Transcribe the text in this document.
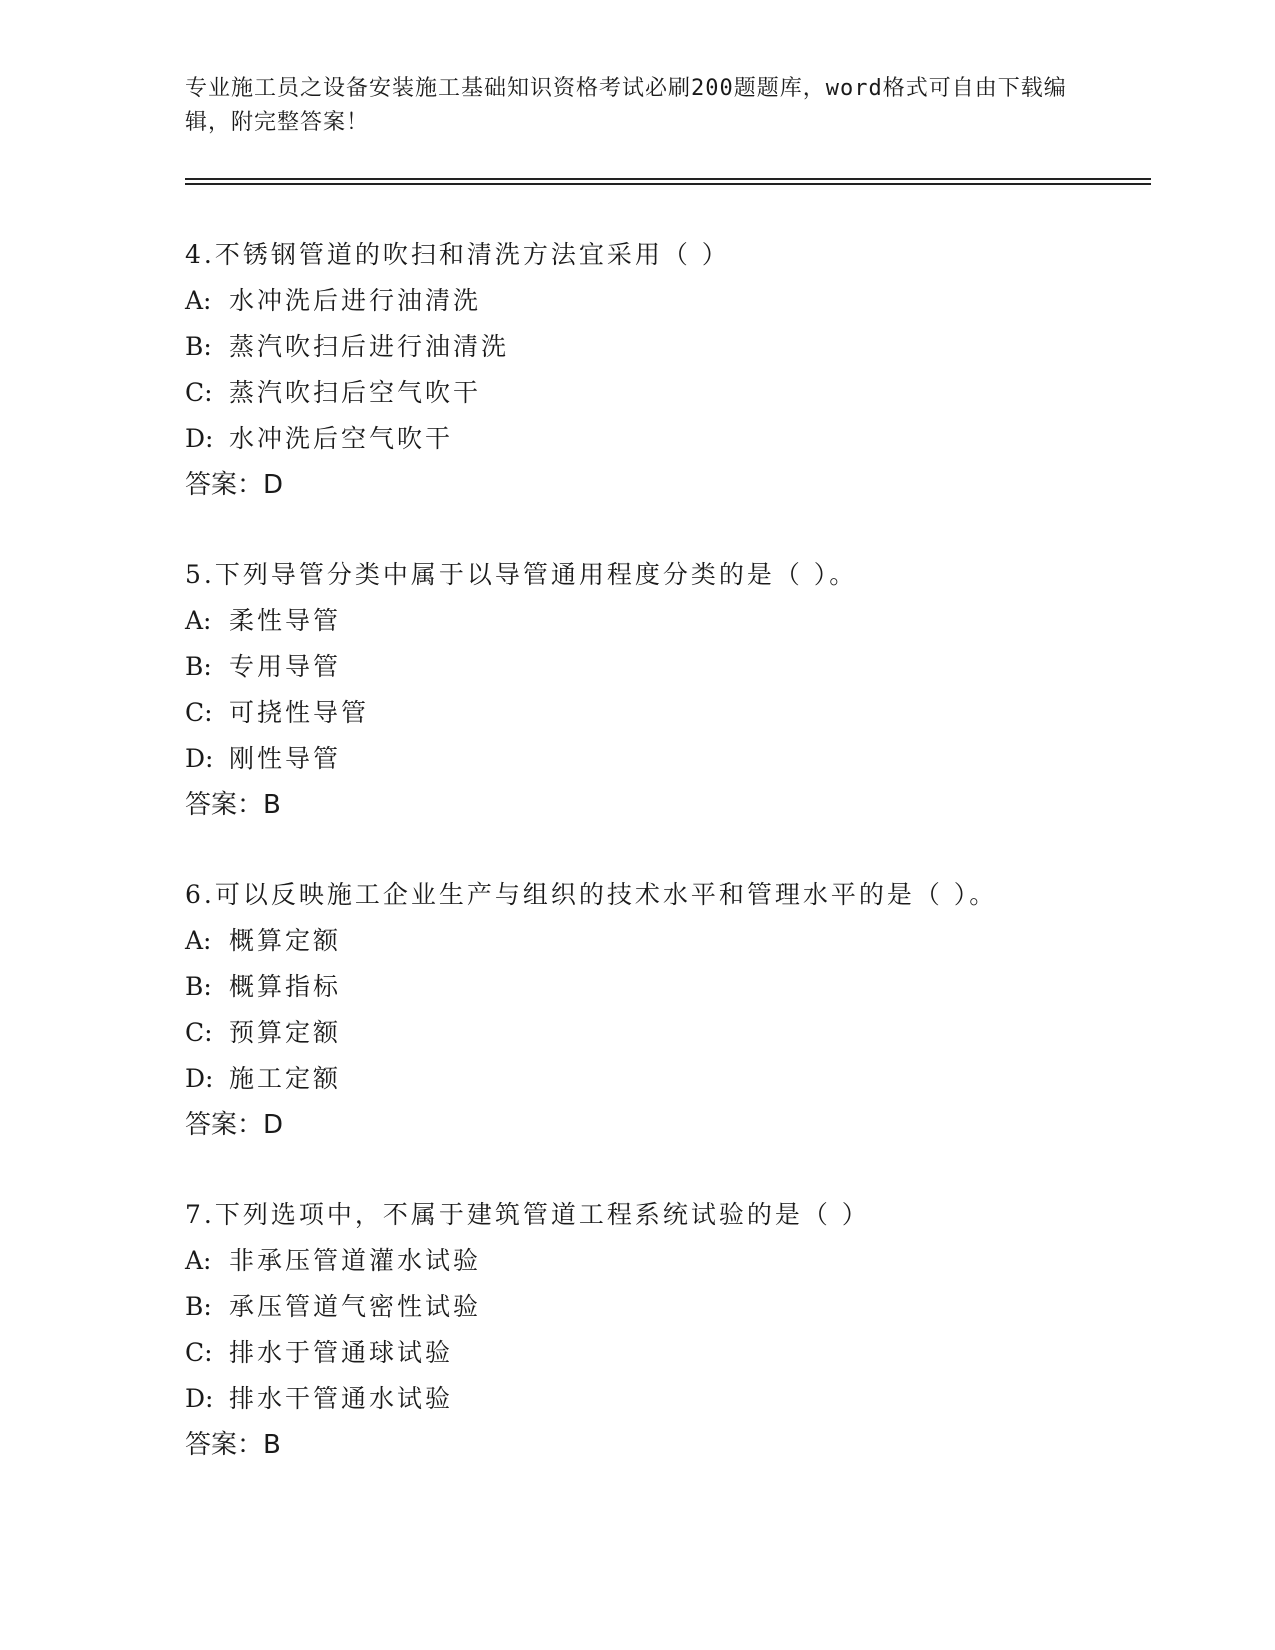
专业施工员之设备安装施工基础知识资格考试必刷200题题库，word格式可自由下载编辑，附完整答案！
4.不锈钢管道的吹扫和清洗方法宜采用（ ）
A: 水冲洗后进行油清洗
B: 蒸汽吹扫后进行油清洗
C: 蒸汽吹扫后空气吹干
D: 水冲洗后空气吹干
答案：D
5.下列导管分类中属于以导管通用程度分类的是（ ）。
A: 柔性导管
B: 专用导管
C: 可挠性导管
D: 刚性导管
答案：B
6.可以反映施工企业生产与组织的技术水平和管理水平的是（ ）。
A: 概算定额
B: 概算指标
C: 预算定额
D: 施工定额
答案：D
7.下列选项中，不属于建筑管道工程系统试验的是（ ）
A: 非承压管道灌水试验
B: 承压管道气密性试验
C: 排水于管通球试验
D: 排水干管通水试验
答案：B
